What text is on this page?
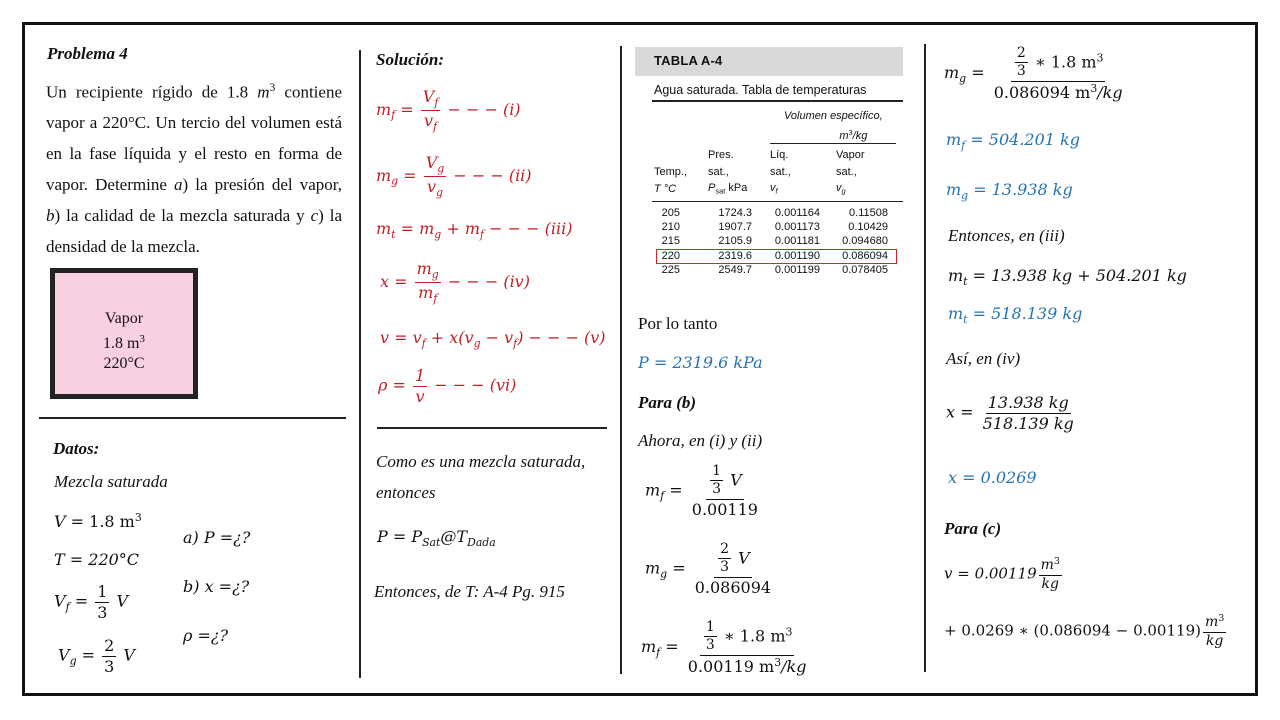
Problema 4
Un recipiente rígido de 1.8 $m^3$ contiene vapor a 220°C. Un tercio del volumen está en la fase líquida y el resto en forma de vapor. Determine a) la presión del vapor, b) la calidad de la mezcla saturada y c) la densidad de la mezcla.
Vapor
1.8 $m^3$
220°C
Datos:
Mezcla saturada
V = 1.8 $m^3$
T = 220°C
$V_f = \frac{1}{3}$ V
$V_g = \frac{2}{3}$ V
a) P =¿?
b) x =¿?
ρ =¿?
Solución:
$m_f = \frac{V_f}{v_f}$ − − − (i)
$m_g = \frac{V_g}{v_g}$ − − − (ii)
$m_t = m_g + m_f$ − − − (iii)
$x = \frac{m_g}{m_f}$ − − − (iv)
$v = v_f + x(v_g - v_f)$ − − − (v)
$\rho = \frac{1}{v}$ − − − (vi)
Como es una mezcla saturada,
entonces
$P = P_{Sat}@T_{Dada}$
Entonces, de T: A-4 Pg. 915
TABLA A-4
Agua saturada. Tabla de temperaturas
Volumen específico,
$m^3/kg$
Temp.,
T °C
Pres.
sat.,
$P_{sat}$ kPa
Líq.
sat.,
$v_f$
Vapor
sat.,
$v_g$
205	1724.3	0.001164	0.11508
210	1907.7	0.001173	0.10429
215	2105.9	0.001181	0.094680
220	2319.6	0.001190	0.086094
225	2549.7	0.001199	0.078405
Por lo tanto
P = 2319.6 kPa
Para (b)
Ahora, en (i) y (ii)
$m_f = \frac{\frac{1}{3} V}{0.00119}$
$m_g = \frac{\frac{2}{3} V}{0.086094}$
$m_f = \frac{\frac{1}{3} ∗ 1.8 m^3}{0.00119 m^3/kg}$
$m_g = \frac{\frac{2}{3} ∗ 1.8 m^3}{0.086094 m^3/kg}$
$m_f = 504.201$ kg
$m_g = 13.938$ kg
Entonces, en (iii)
$m_t = 13.938$ kg + 504.201 kg
$m_t = 518.139$ kg
Así, en (iv)
$x = \frac{13.938 kg}{518.139 kg}$
x = 0.0269
Para (c)
$v = 0.00119 \frac{m^3}{kg}$
+ 0.0269 ∗ $(0.086094 - 0.00119) \frac{m^3}{kg}$
